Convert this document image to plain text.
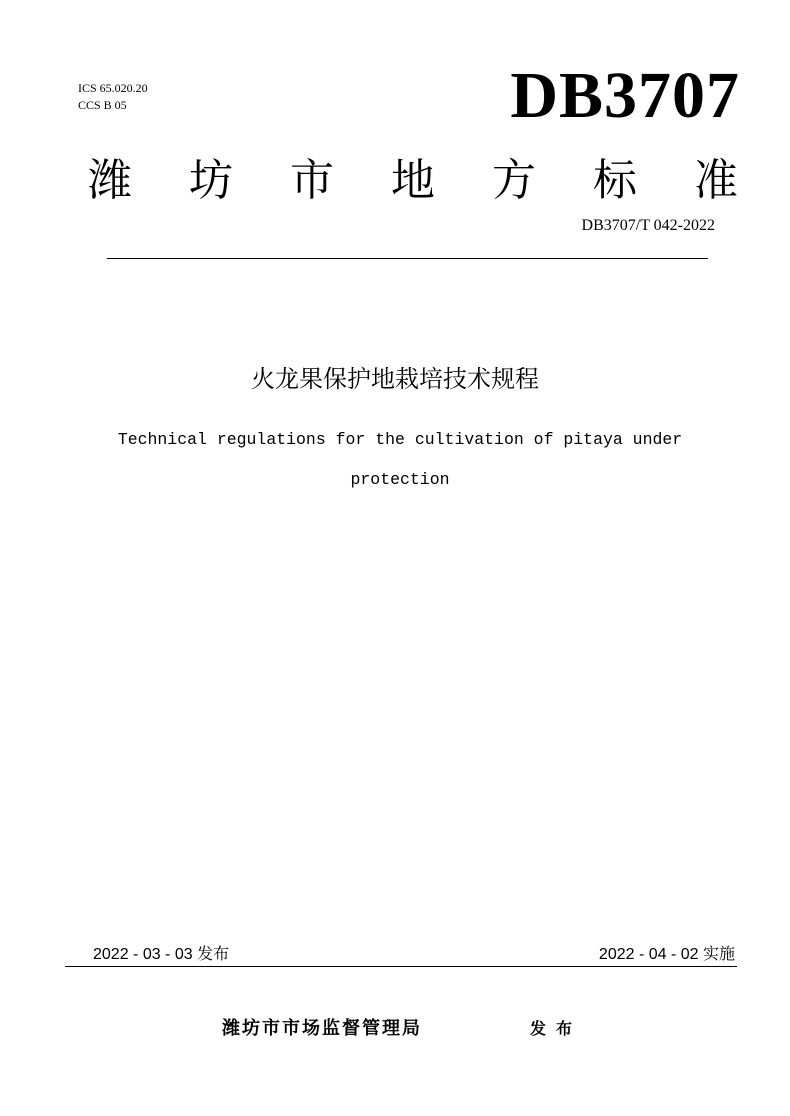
ICS 65.020.20
CCS B 05	DB3707
潍 坊 市 地 方 标 准
DB3707/T 042-2022
火龙果保护地栽培技术规程
Technical regulations for the cultivation of pitaya under
protection
2022 - 03 - 03 发布	2022 - 04 - 02 实施
潍坊市市场监督管理局	发布
